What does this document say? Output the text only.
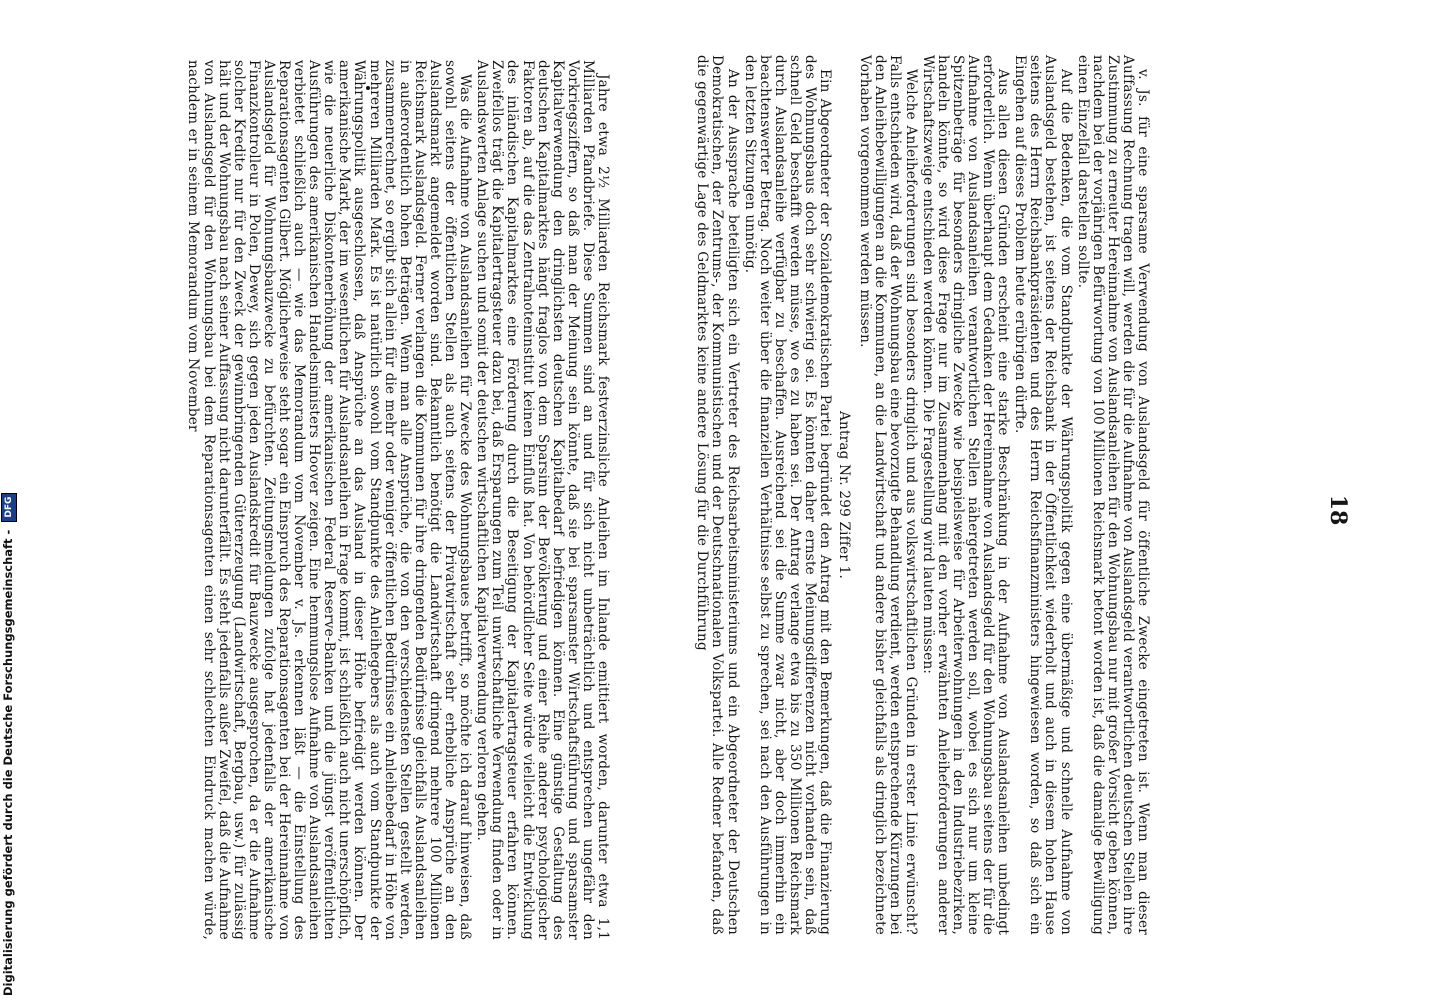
18

Jahre etwa 2½ Milliarden Reichsmark festverzinsliche Anleihen im Inlande emittiert worden, darunter etwa 1,1 Milliarden Pfandbriefe. Diese Summen sind an und für sich nicht unbeträchtlich und entsprechen ungefähr den Vorkriegsziffern, so daß man der Meinung sein könnte, daß sie bei sparsamster Wirtschaftsführung und sparsamster Kapitalverwendung den dringlichsten deutschen Kapitalbedarf befriedigen können. Eine günstige Gestaltung des deutschen Kapitalmarktes hängt fraglos von dem Sparsinn der Bevölkerung und einer Reihe anderer psychologischer Faktoren ab, auf die das Zentralnoteninstitut keinen Einfluß hat. Von behördlicher Seite würde vielleicht die Entwicklung des inländischen Kapitalmarktes eine Förderung durch die Beseitigung der Kapitalertragsteuer erfahren können. Zweifellos trägt die Kapitalertragsteuer dazu bei, daß Ersparungen zum Teil unwirtschaftliche Verwendung finden oder in Auslandswerten Anlage suchen und somit der deutschen wirtschaftlichen Kapitalverwendung verloren gehen.

Was die Aufnahme von Auslandsanleihen für Zwecke des Wohnungsbaues betrifft, so möchte ich darauf hinweisen, daß sowohl seitens der öffentlichen Stellen als auch seitens der Privatwirtschaft sehr erhebliche Ansprüche an den Auslandsmarkt angemeldet worden sind. Bekanntlich benötigt die Landwirtschaft dringend mehrere 100 Millionen Reichsmark Auslandsgeld. Ferner verlangen die Kommunen für ihre dringenden Bedürfnisse gleichfalls Auslandsanleihen in außerordentlich hohen Beträgen. Wenn man alle Ansprüche, die von den verschiedensten Stellen gestellt werden, zusammenrechnet, so ergibt sich allein für die mehr oder weniger öffentlichen Bedürfnisse ein Anleihebedarf in Höhe von mehreren Milliarden Mark. Es ist natürlich sowohl vom Standpunkte des Anleihegebers als auch vom Standpunkte der Währungspolitik ausgeschlossen, daß Ansprüche an das Ausland in dieser Höhe befriedigt werden können. Der amerikanische Markt, der im wesentlichen für Auslandsanleihen in Frage kommt, ist schließlich auch nicht unerschöpflich, wie die neuerliche Diskontenerhöhung der amerikanischen Federal Reserve-Banken und die jüngst veröffentlichten Ausführungen des amerikanischen Handelsministers Hoover zeigen. Eine hemmungslose Aufnahme von Auslandsanleihen verbietet schließlich auch — wie das Memorandum vom November v. Js. erkennen läßt — die Einstellung des Reparationsagenten Gilbert. Möglicherweise steht sogar ein Einspruch des Reparationsagenten bei der Hereinnahme von Auslandsgeld für Wohnungsbauzwecke zu befürchten. Zeitungsmeldungen zufolge hat jedenfalls der amerikanische Finanzkontrolleur in Polen, Dewey, sich gegen jeden Auslandskredit für Bauzwecke ausgesprochen, da er die Aufnahme solcher Kredite nur für den Zweck der gewinnbringenden Gütererzeugung (Landwirtschaft, Bergbau, usw.) für zulässig hält und der Wohnungsbau nach seiner Auffassung nicht darunterfällt. Es steht jedenfalls außer Zweifel, daß die Aufnahme von Auslandsgeld für den Wohnungsbau bei dem Reparationsagenten einen sehr schlechten Eindruck machen würde, nachdem er in seinem Memorandum vom November	v. Js. für eine sparsame Verwendung von Auslandsgeld für öffentliche Zwecke eingetreten ist. Wenn man dieser Auffassung Rechnung tragen will, werden die für die Aufnahme von Auslandsgeld verantwortlichen deutschen Stellen ihre Zustimmung zu erneuter Hereinnahme von Auslandsanleihen für den Wohnungsbau nur mit großer Vorsicht geben können, nachdem bei der vorjährigen Befürwortung von 100 Millionen Reichsmark betont worden ist, daß die damalige Bewilligung einen Einzelfall darstellen sollte.

Auf die Bedenken, die vom Standpunkte der Währungspolitik gegen eine übermäßige und schnelle Aufnahme von Auslandsgeld bestehen, ist seitens der Reichsbank in der Öffentlichkeit wiederholt und auch in diesem hohen Hause seitens des Herrn Reichsbankpräsidenten und des Herrn Reichsfinanzministers hingewiesen worden, so daß sich ein Eingehen auf dieses Problem heute erübrigen dürfte.

Aus allen diesen Gründen erscheint eine starke Beschränkung in der Aufnahme von Auslandsanleihen unbedingt erforderlich. Wenn überhaupt dem Gedanken der Hereinnahme von Auslandsgeld für den Wohnungsbau seitens der für die Aufnahme von Auslandsanleihen verantwortlichen Stellen nähergetreten werden soll, wobei es sich nur um kleine Spitzenbeträge für besonders dringliche Zwecke wie beispielsweise für Arbeiterwohnungen in den Industriebezirken, handeln könnte, so wird diese Frage nur im Zusammenhang mit den vorher erwähnten Anleiheforderungen anderer Wirtschaftszweige entschieden werden können. Die Fragestellung wird lauten müssen:

Welche Anleiheforderungen sind besonders dringlich und aus volkswirtschaftlichen Gründen in erster Linie erwünscht? Falls entschieden wird, daß der Wohnungsbau eine bevorzugte Behandlung verdient, werden entsprechende Kürzungen bei den Anleihebewilligungen an die Kommunen, an die Landwirtschaft und andere bisher gleichfalls als dringlich bezeichnete Vorhaben vorgenommen werden müssen.

Antrag Nr. 299 Ziffer 1.

Ein Abgeordneter der Sozialdemokratischen Partei begründet den Antrag mit den Bemerkungen, daß die Finanzierung des Wohnungsbaus doch sehr schwierig sei. Es könnten daher ernste Meinungsdifferenzen nicht vorhanden sein, daß schnell Geld beschafft werden müsse, wo es zu haben sei. Der Antrag verlange etwa bis zu 350 Millionen Reichsmark durch Auslandsanleihe verfügbar zu beschaffen. Ausreichend sei die Summe zwar nicht, aber doch immerhin ein beachtenswerter Betrag. Noch weiter über die finanziellen Verhältnisse selbst zu sprechen, sei nach den Ausführungen in den letzten Sitzungen unnötig.

An der Aussprache beteiligten sich ein Vertreter des Reichsarbeitsministeriums und ein Abgeordneter der Deutschen Demokratischen, der Zentrums-, der Kommunistischen und der Deutschnationalen Volkspartei. Alle Redner befanden, daß die gegenwärtige Lage des Geldmarktes keine andere Lösung für die Durchführung

Digitalisierung gefördert durch die Deutsche Forschungsgemeinschaft - DFG
